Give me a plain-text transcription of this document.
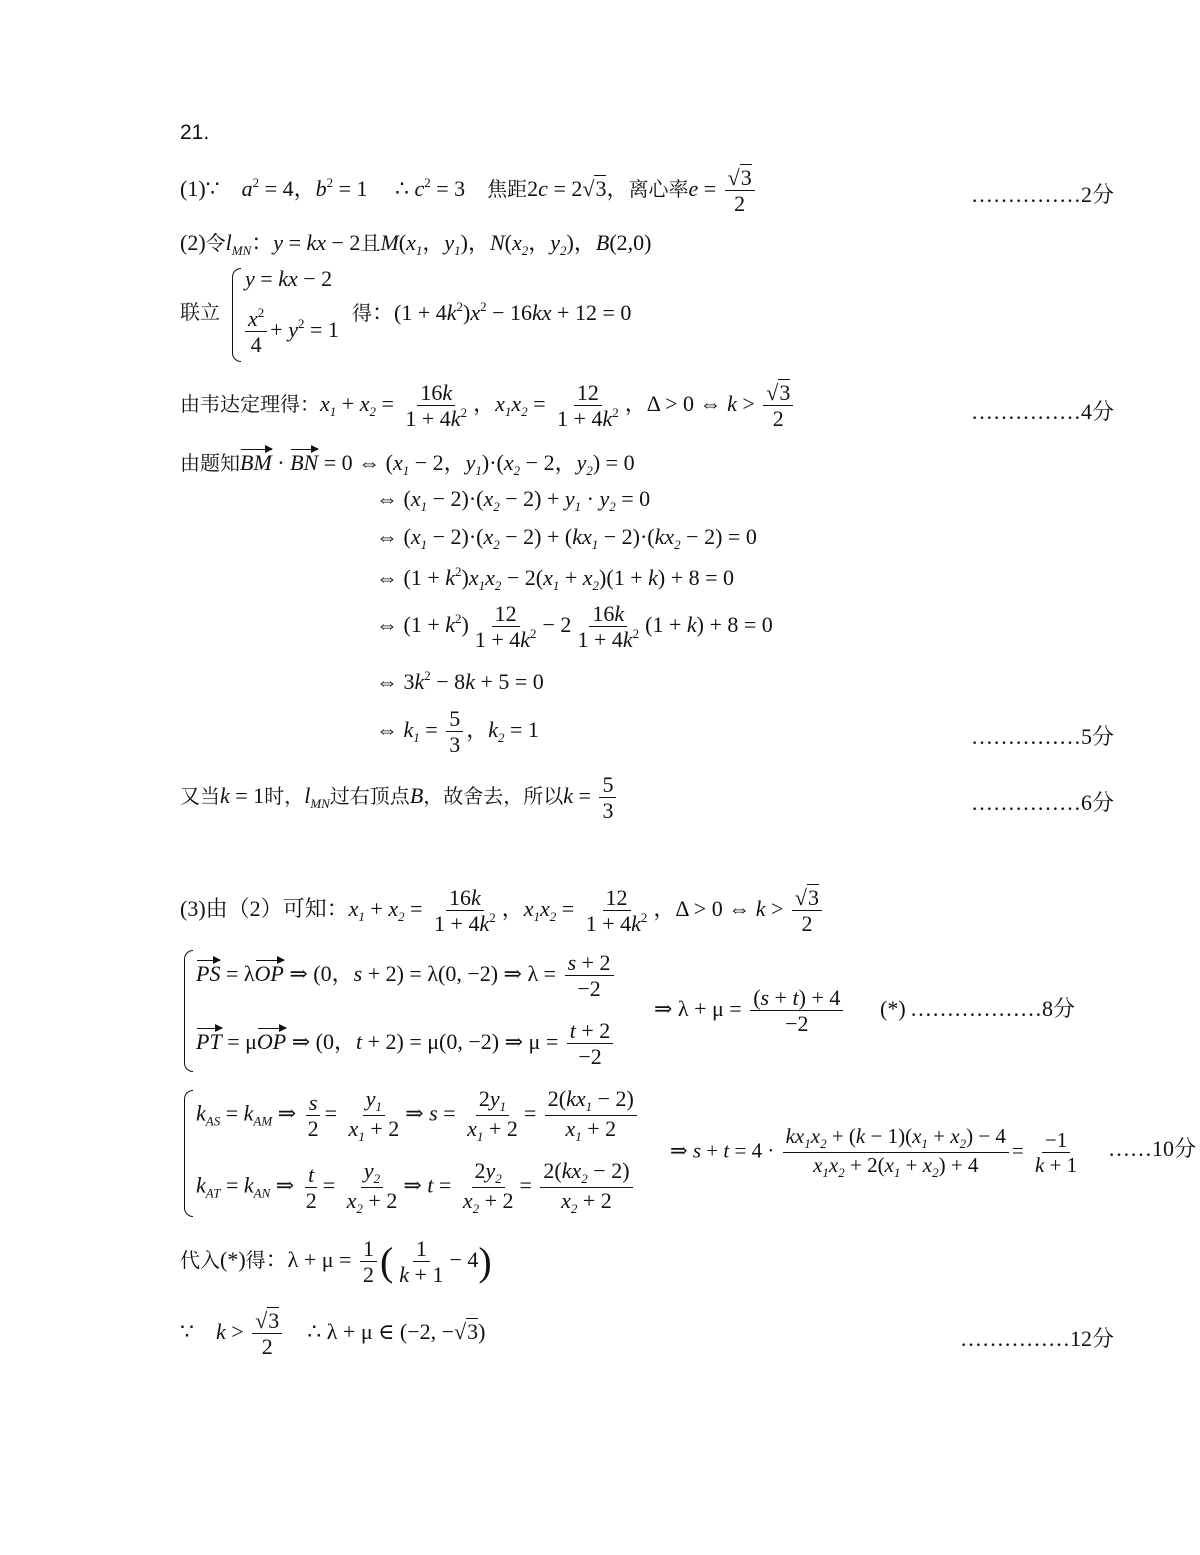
21.
(1)∵ $a^2 = 4$，$b^2 = 1$     ∴ $c^2 = 3$    焦距2c = 2√3，离心率$e = \frac{√3}{2}$	……………2分
(2)令$l_{MN}$：y = kx − 2且$M(x_1$，$y_1$)，$N(x_2$，$y_2$)，B(2,0)
联立
y = kx − 2
$\frac{x^2}{4} + y^2 = 1$
得：$(1 + 4k^2)x^2 - 16kx + 12 = 0$
由韦达定理得：$x_1 + x_2 = \frac{16k}{1 + 4k^2}$ ，$x_1x_2 = \frac{12}{1 + 4k^2}$ ，Δ > 0 ⇔ $k > \frac{√3}{2}$	……………4分
由题知BM · BN = 0 ⇔ ($x_1 - 2$，$y_1)\cdot(x_2 - 2$，$y_2) = 0$
⇔ $(x_1 - 2)\cdot(x_2 - 2) + y_1 \cdot y_2 = 0$
⇔ $(x_1 - 2)\cdot(x_2 - 2) + (kx_1 - 2)\cdot(kx_2 - 2) = 0$
⇔ $(1 + k^2)x_1x_2 - 2(x_1 + x_2)(1 + k) + 8 = 0$
⇔ $(1 + k^2) \frac{12}{1 + 4k^2} - 2 \frac{16k}{1 + 4k^2} (1 + k) + 8 = 0$
⇔ $3k^2 - 8k + 5 = 0$
⇔ $k_1 = \frac{5}{3}$ ，$k_2 = 1$	……………5分
又当k = 1时，$l_{MN}$过右顶点B，故舍去，所以$k = \frac{5}{3}$	……………6分
(3)由（2）可知：$x_1 + x_2 = \frac{16k}{1 + 4k^2}$ ，$x_1x_2 = \frac{12}{1 + 4k^2}$ ，Δ > 0 ⇔ $k > \frac{√3}{2}$
PS = λOP ⇒ (0，s + 2) = λ(0, −2) ⇒ $\lambda = \frac{s + 2}{-2}$
PT = μOP ⇒ (0，t + 2) = μ(0, −2) ⇒ $\mu = \frac{t + 2}{-2}$
⇒ $\lambda + \mu = \frac{(s + t) + 4}{-2}$ (*) ………………8分
$k_{AS} = k_{AM}$ ⇒ $\frac{s}{2} = \frac{y_1}{x_1 + 2}$ ⇒ $s = \frac{2y_1}{x_1 + 2} = \frac{2(kx_1 - 2)}{x_1 + 2}$
$k_{AT} = k_{AN}$ ⇒ $\frac{t}{2} = \frac{y_2}{x_2 + 2}$ ⇒ $t = \frac{2y_2}{x_2 + 2} = \frac{2(kx_2 - 2)}{x_2 + 2}$
⇒ $s + t = 4 \cdot \frac{kx_1x_2 + (k - 1)(x_1 + x_2) - 4}{x_1x_2 + 2(x_1 + x_2) + 4} = \frac{-1}{k + 1}$ ……10分
代入(*)得：$\lambda + \mu = \frac{1}{2}$ ( $\frac{1}{k + 1} - 4$)
∵    $k > \frac{√3}{2}$ ∴ λ + μ ∈ (−2, −√3)	……………12分
